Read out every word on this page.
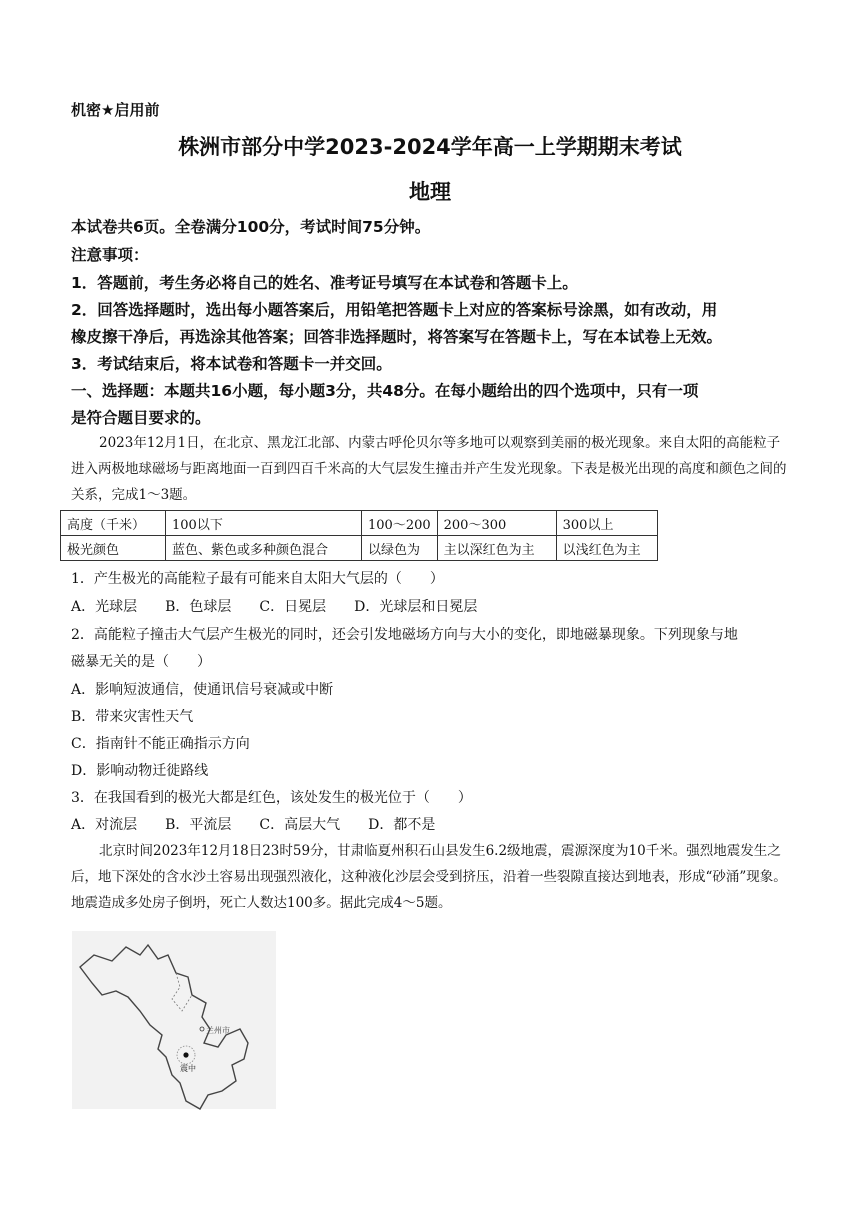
机密★启用前
株洲市部分中学2023-2024学年高一上学期期末考试
地理
本试卷共6页。全卷满分100分，考试时间75分钟。
注意事项：
1．答题前，考生务必将自己的姓名、准考证号填写在本试卷和答题卡上。
2．回答选择题时，选出每小题答案后，用铅笔把答题卡上对应的答案标号涂黑，如有改动，用
橡皮擦干净后，再选涂其他答案；回答非选择题时，将答案写在答题卡上，写在本试卷上无效。
3．考试结束后，将本试卷和答题卡一并交回。
一、选择题：本题共16小题，每小题3分，共48分。在每小题给出的四个选项中，只有一项
是符合题目要求的。
2023年12月1日，在北京、黑龙江北部、内蒙古呼伦贝尔等多地可以观察到美丽的极光现象。来自太阳的高能粒子进入两极地球磁场与距离地面一百到四百千米高的大气层发生撞击并产生发光现象。下表是极光出现的高度和颜色之间的关系，完成1～3题。
高度（千米）	100以下	100～200	200～300	300以上
极光颜色	蓝色、紫色或多种颜色混合	以绿色为	主以深红色为主	以浅红色为主
1．产生极光的高能粒子最有可能来自太阳大气层的（　　）
A．光球层　　B．色球层　　C．日冕层　　D．光球层和日冕层
2．高能粒子撞击大气层产生极光的同时，还会引发地磁场方向与大小的变化，即地磁暴现象。下列现象与地
磁暴无关的是（　　）
A．影响短波通信，使通讯信号衰减或中断
B．带来灾害性天气
C．指南针不能正确指示方向
D．影响动物迁徙路线
3．在我国看到的极光大都是红色，该处发生的极光位于（　　）
A．对流层　　B．平流层　　C．高层大气　　D．都不是
北京时间2023年12月18日23时59分，甘肃临夏州积石山县发生6.2级地震，震源深度为10千米。强烈地震发生之后，地下深处的含水沙土容易出现强烈液化，这种液化沙层会受到挤压，沿着一些裂隙直接达到地表，形成“砂涌”现象。地震造成多处房子倒坍，死亡人数达100多。据此完成4～5题。
兰州市
震中
